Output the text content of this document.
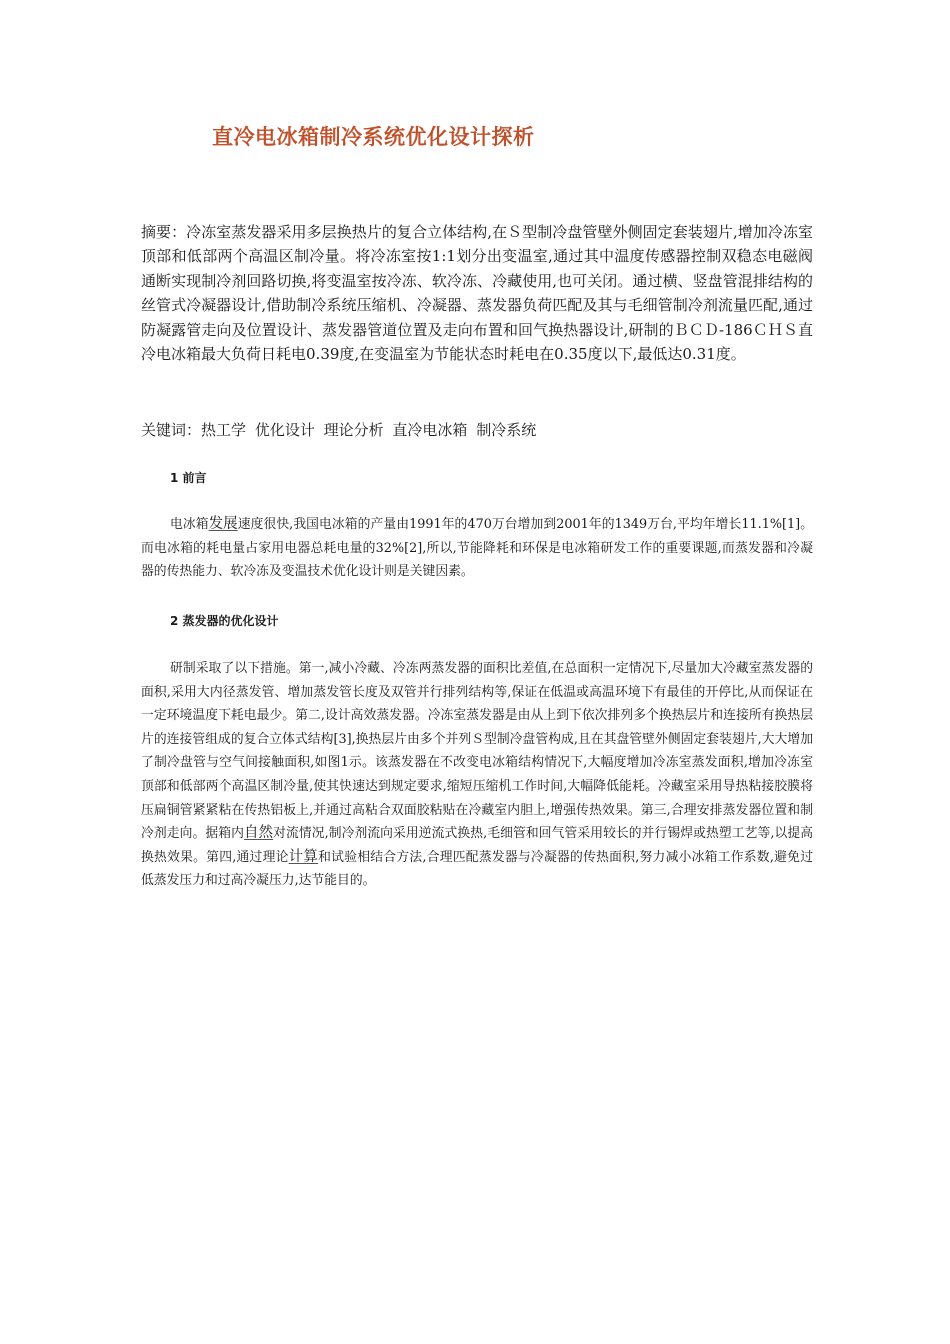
直冷电冰箱制冷系统优化设计探析
摘要：冷冻室蒸发器采用多层换热片的复合立体结构,在Ｓ型制冷盘管壁外侧固定套装翅片,增加冷冻室顶部和低部两个高温区制冷量。将冷冻室按1:1划分出变温室,通过其中温度传感器控制双稳态电磁阀通断实现制冷剂回路切换,将变温室按冷冻、软冷冻、冷藏使用,也可关闭。通过横、竖盘管混排结构的丝管式冷凝器设计,借助制冷系统压缩机、冷凝器、蒸发器负荷匹配及其与毛细管制冷剂流量匹配,通过防凝露管走向及位置设计、蒸发器管道位置及走向布置和回气换热器设计,研制的ＢＣＤ-186ＣＨＳ直冷电冰箱最大负荷日耗电0.39度,在变温室为节能状态时耗电在0.35度以下,最低达0.31度。
关键词：热工学 优化设计 理论分析 直冷电冰箱 制冷系统
1 前言
电冰箱发展速度很快,我国电冰箱的产量由1991年的470万台增加到2001年的1349万台,平均年增长11.1%[1]。而电冰箱的耗电量占家用电器总耗电量的32%[2],所以,节能降耗和环保是电冰箱研发工作的重要课题,而蒸发器和冷凝器的传热能力、软冷冻及变温技术优化设计则是关键因素。
2 蒸发器的优化设计
研制采取了以下措施。第一,减小冷藏、冷冻两蒸发器的面积比差值,在总面积一定情况下,尽量加大冷藏室蒸发器的面积,采用大内径蒸发管、增加蒸发管长度及双管并行排列结构等,保证在低温或高温环境下有最佳的开停比,从而保证在一定环境温度下耗电最少。第二,设计高效蒸发器。冷冻室蒸发器是由从上到下依次排列多个换热层片和连接所有换热层片的连接管组成的复合立体式结构[3],换热层片由多个并列Ｓ型制冷盘管构成,且在其盘管壁外侧固定套装翅片,大大增加了制冷盘管与空气间接触面积,如图1示。该蒸发器在不改变电冰箱结构情况下,大幅度增加冷冻室蒸发面积,增加冷冻室顶部和低部两个高温区制冷量,使其快速达到规定要求,缩短压缩机工作时间,大幅降低能耗。冷藏室采用导热粘接胶膜将压扁铜管紧紧粘在传热铝板上,并通过高粘合双面胶粘贴在冷藏室内胆上,增强传热效果。第三,合理安排蒸发器位置和制冷剂走向。据箱内自然对流情况,制冷剂流向采用逆流式换热,毛细管和回气管采用较长的并行锡焊或热塑工艺等,以提高换热效果。第四,通过理论计算和试验相结合方法,合理匹配蒸发器与冷凝器的传热面积,努力减小冰箱工作系数,避免过低蒸发压力和过高冷凝压力,达节能目的。
